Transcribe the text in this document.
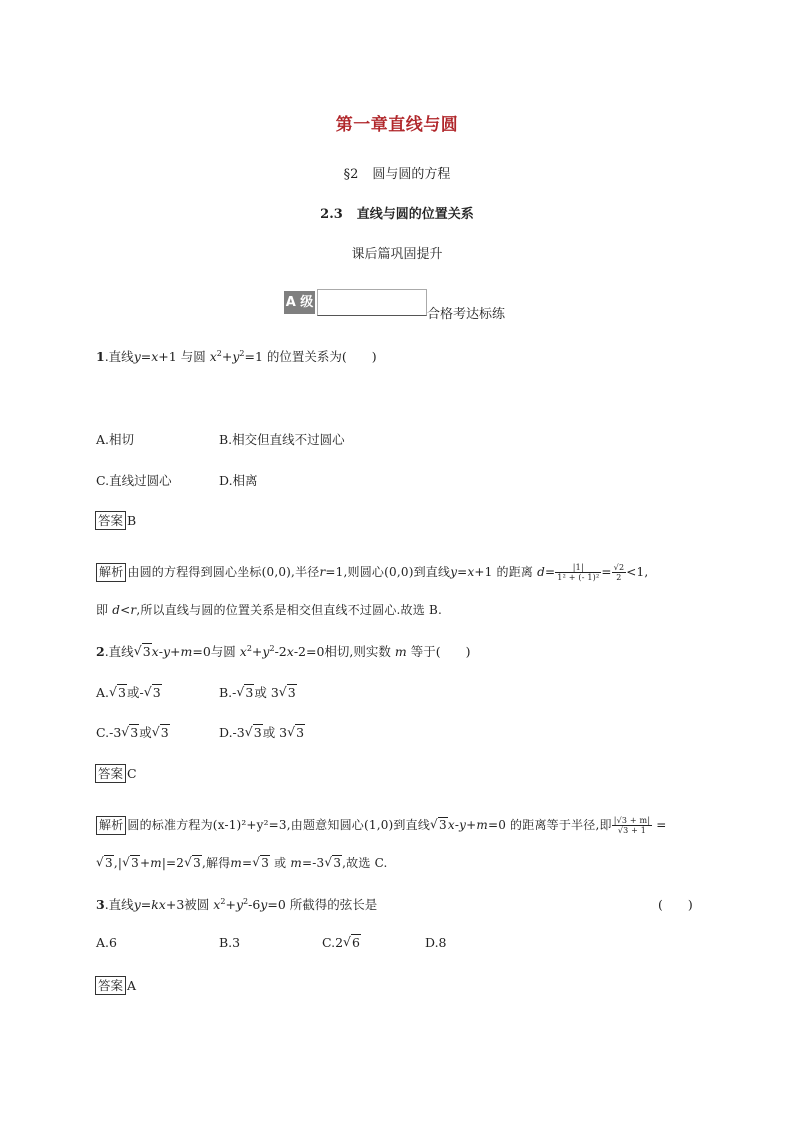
第一章直线与圆
§2 圆与圆的方程
2.3 直线与圆的位置关系
课后篇巩固提升
A 级
合格考达标练
1.直线y=x+1 与圆 $x^2+y^2=1$ 的位置关系为(　　)
A.相切	B.相交但直线不过圆心
C.直线过圆心	D.相离
答案 B
解析 由圆的方程得到圆心坐标(0,0),半径r=1,则圆心(0,0)到直线y=x+1 的距离 $d= \frac{|1|}{\text{1² + (- 1)²}} = \frac{√2}{2} <1$,
即 d<r,所以直线与圆的位置关系是相交但直线不过圆心.故选 B.
2.直线 √ 3x-y+m=0与圆 $x^2+y^2-2x-2=0$相切,则实数 m 等于(　　)
A. √ 3或- √ 3	B.- √ 3或 3 √ 3
C.-3 √ 3或 √ 3	D.-3 √ 3或 3 √ 3
答案 C
解析 圆的标准方程为(x-1)²+y²=3,由题意知圆心(1,0)到直线 √ 3x-y+m=0 的距离等于半径,即 $\frac{|√3 + m|}{√3 + 1}$ =
√ 3,| √ 3+m|=2 √ 3,解得m= √ 3 或 m=-3 √ 3,故选 C.
3.直线y=kx+3被圆 $x^2+y^2-6y=0$ 所截得的弦长是	(　　)
A.6	B.3	C.2 √ 6	D.8
答案 A
